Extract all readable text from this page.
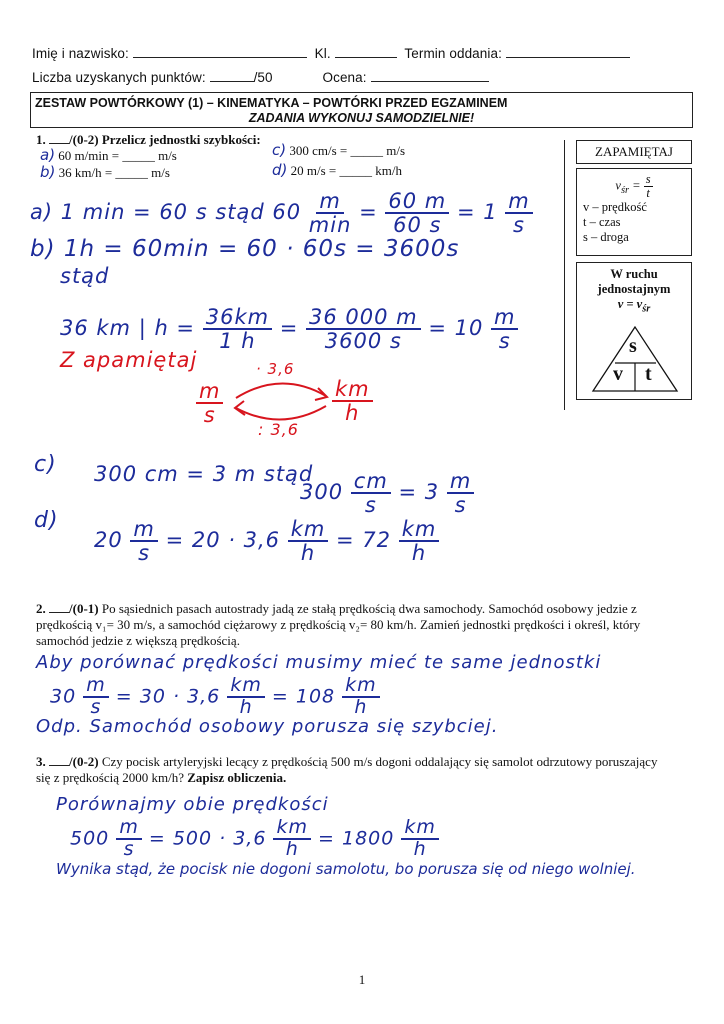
Imię i nazwisko:	Kl.	Termin oddania:
Liczba uzyskanych punktów:	/50	Ocena:
ZESTAW POWTÓRKOWY (1) – KINEMATYKA – POWTÓRKI PRZED EGZAMINEM
ZADANIA WYKONUJ SAMODZIELNIE!
1. /(0-2) Przelicz jednostki szybkości:
a) 60 m/min = _____ m/s
b) 36 km/h = _____ m/s
c) 300 cm/s = _____ m/s
d) 20 m/s = _____ km/h
ZAPAMIĘTAJ
$v_{śr} = \frac{s}{t}$
v – prędkość
t – czas
s – droga
W ruchu
jednostajnym
$v = v_{śr}$
s
v t
a) 1 min = 60 s stąd $60 \frac{m}{\min} = \frac{60 m}{60 s} = 1 \frac{m}{s}$
b) 1h = 60min = 60 · 60s = 3600s
stąd
36 km | $h = \frac{36km}{1 h} = \frac{36 000 m}{3600 s} = 10 \frac{m}{s}$
Z apamiętaj
$\frac{m}{s}$	$\frac{km}{h}$
· 3,6
: 3,6
c) 300 cm = 3 m stąd
$300 \frac{cm}{s} = 3 \frac{m}{s}$
d)
$20 \frac{m}{s} = 20 \cdot 3,6 \frac{km}{h} = 72 \frac{km}{h}$
2. /(0-1) Po sąsiednich pasach autostrady jadą ze stałą prędkością dwa samochody. Samochód osobowy jedzie z
prędkością v₁= 30 m/s, a samochód ciężarowy z prędkością v₂= 80 km/h. Zamień jednostki prędkości i określ, który
samochód jedzie z większą prędkością.
Aby porównać prędkości musimy mieć te same jednostki
$30 \frac{m}{s} = 30 \cdot 3,6 \frac{km}{h} = 108 \frac{km}{h}$
Odp. Samochód osobowy porusza się szybciej.
3. /(0-2) Czy pocisk artyleryjski lecący z prędkością 500 m/s dogoni oddalający się samolot odrzutowy poruszający
się z prędkością 2000 km/h? Zapisz obliczenia.
Porównajmy obie prędkości
$500 \frac{m}{s} = 500 \cdot 3,6 \frac{km}{h} = 1800 \frac{km}{h}$
Wynika stąd, że pocisk nie dogoni samolotu, bo porusza się od niego wolniej.
1
